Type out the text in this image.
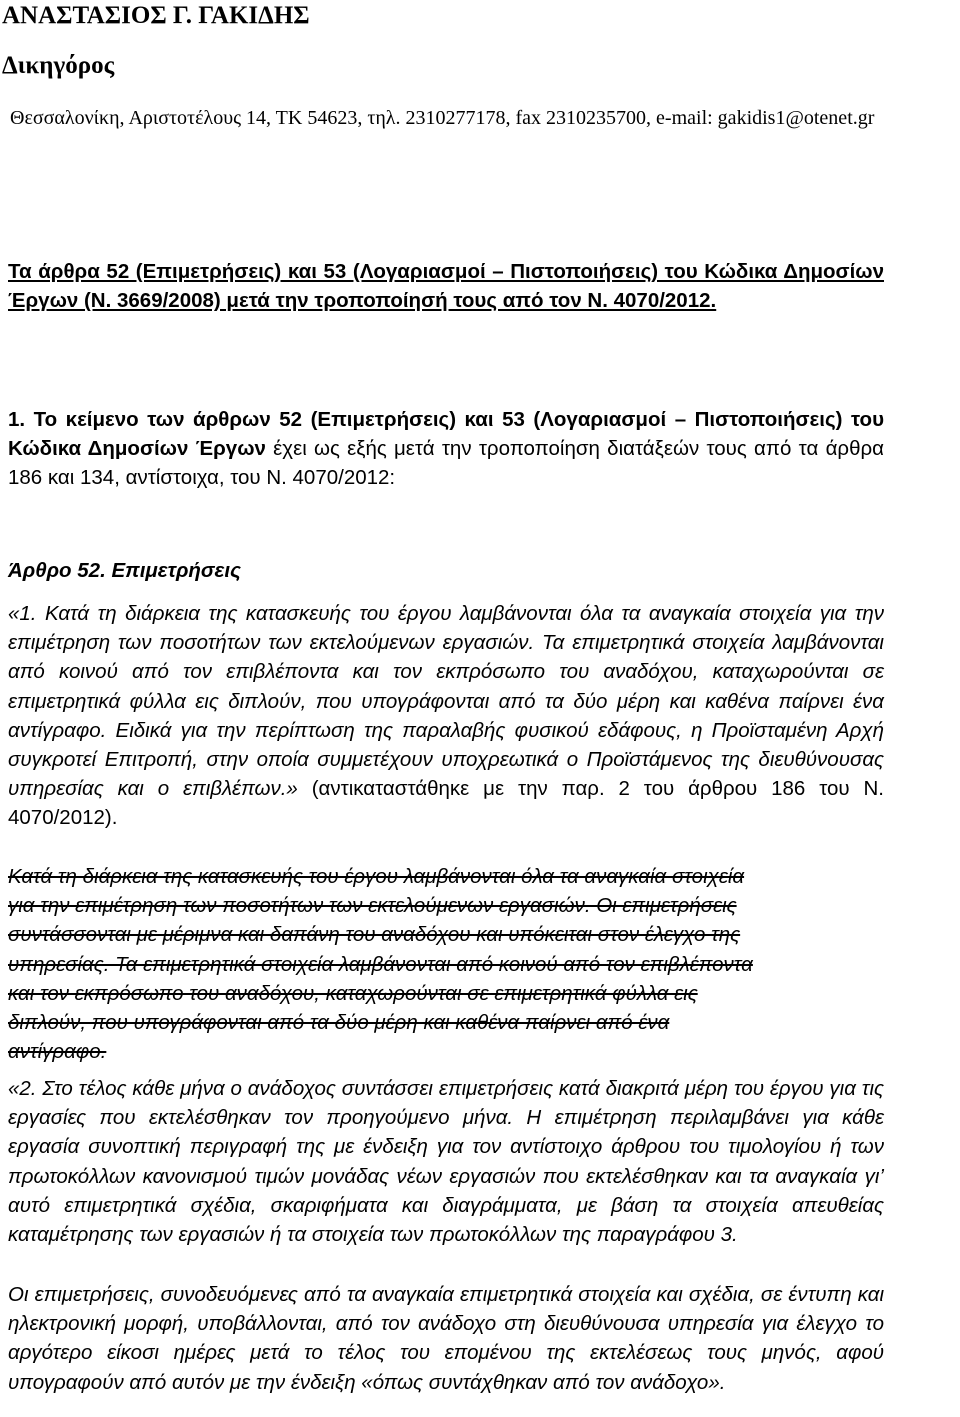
ΑΝΑΣΤΑΣΙΟΣ Γ. ΓΑΚΙΔΗΣ
Δικηγόρος
Θεσσαλονίκη, Αριστοτέλους 14, ΤΚ 54623, τηλ. 2310277178, fax 2310235700, e-mail: gakidis1@otenet.gr
Τα άρθρα 52 (Επιμετρήσεις) και 53 (Λογαριασμοί – Πιστοποιήσεις) του Κώδικα Δημοσίων Έργων (Ν. 3669/2008) μετά την τροποποίησή τους από τον Ν. 4070/2012.
1. Το κείμενο των άρθρων 52 (Επιμετρήσεις) και 53 (Λογαριασμοί – Πιστοποιήσεις) του Κώδικα Δημοσίων Έργων έχει ως εξής μετά την τροποποίηση διατάξεών τους από τα άρθρα 186 και 134, αντίστοιχα, του Ν. 4070/2012:
Άρθρο 52. Επιμετρήσεις
«1. Κατά τη διάρκεια της κατασκευής του έργου λαμβάνονται όλα τα αναγκαία στοιχεία για την επιμέτρηση των ποσοτήτων των εκτελούμενων εργασιών. Τα επιμετρητικά στοιχεία λαμβάνονται από κοινού από τον επιβλέποντα και τον εκπρόσωπο του αναδόχου, καταχωρούνται σε επιμετρητικά φύλλα εις διπλούν, που υπογράφονται από τα δύο μέρη και καθένα παίρνει ένα αντίγραφο. Ειδικά για την περίπτωση της παραλαβής φυσικού εδάφους, η Προϊσταμένη Αρχή συγκροτεί Επιτροπή, στην οποία συμμετέχουν υποχρεωτικά ο Προϊστάμενος της διευθύνουσας υπηρεσίας και ο επιβλέπων.» (αντικαταστάθηκε με την παρ. 2 του άρθρου 186 του Ν. 4070/2012).
Κατά τη διάρκεια της κατασκευής του έργου λαμβάνονται όλα τα αναγκαία στοιχεία
για την επιμέτρηση των ποσοτήτων των εκτελούμενων εργασιών. Οι επιμετρήσεις
συντάσσονται με μέριμνα και δαπάνη του αναδόχου και υπόκειται στον έλεγχο της
υπηρεσίας. Τα επιμετρητικά στοιχεία λαμβάνονται από κοινού από τον επιβλέποντα
και τον εκπρόσωπο του αναδόχου, καταχωρούνται σε επιμετρητικά φύλλα εις
διπλούν, που υπογράφονται από τα δύο μέρη και καθένα παίρνει από ένα
αντίγραφο.
«2. Στο τέλος κάθε μήνα ο ανάδοχος συντάσσει επιμετρήσεις κατά διακριτά μέρη του έργου για τις εργασίες που εκτελέσθηκαν τον προηγούμενο μήνα. Η επιμέτρηση περιλαμβάνει για κάθε εργασία συνοπτική περιγραφή της με ένδειξη για τον αντίστοιχο άρθρου του τιμολογίου ή των πρωτοκόλλων κανονισμού τιμών μονάδας νέων εργασιών που εκτελέσθηκαν και τα αναγκαία γι’ αυτό επιμετρητικά σχέδια, σκαριφήματα και διαγράμματα, με βάση τα στοιχεία απευθείας καταμέτρησης των εργασιών ή τα στοιχεία των πρωτοκόλλων της παραγράφου 3.
Οι επιμετρήσεις, συνοδευόμενες από τα αναγκαία επιμετρητικά στοιχεία και σχέδια, σε έντυπη και ηλεκτρονική μορφή, υποβάλλονται, από τον ανάδοχο στη διευθύνουσα υπηρεσία για έλεγχο το αργότερο είκοσι ημέρες μετά το τέλος του επομένου της εκτελέσεως τους μηνός, αφού υπογραφούν από αυτόν με την ένδειξη «όπως συντάχθηκαν από τον ανάδοχο».
